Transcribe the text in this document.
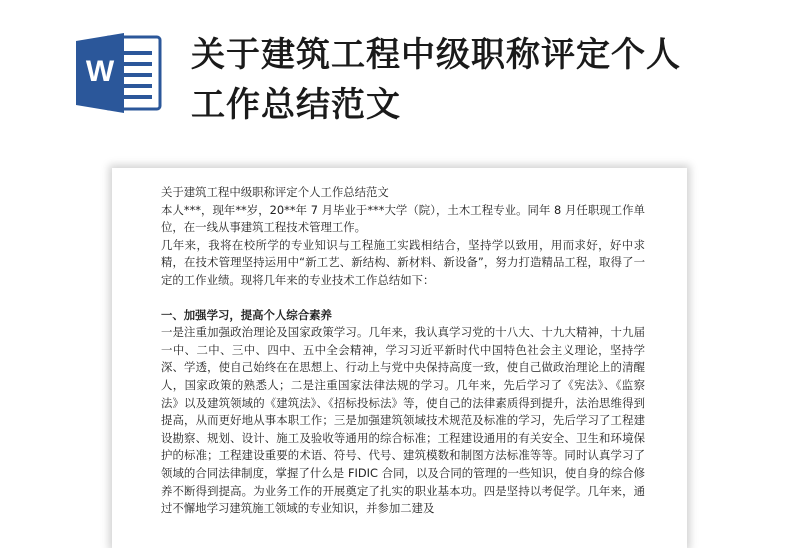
W 关于建筑工程中级职称评定个人
工作总结范文

关于建筑工程中级职称评定个人工作总结范文

本人***，现年**岁，20**年 7 月毕业于***大学（院），土木工程专业。同年 8 月任职现工作单位，在一线从事建筑工程技术管理工作。

几年来，我将在校所学的专业知识与工程施工实践相结合，坚持学以致用，用而求好，好中求精，在技术管理坚持运用中“新工艺、新结构、新材料、新设备”，努力打造精品工程，取得了一定的工作业绩。现将几年来的专业技术工作总结如下：

一、加强学习，提高个人综合素养

一是注重加强政治理论及国家政策学习。几年来，我认真学习党的十八大、十九大精神，十九届一中、二中、三中、四中、五中全会精神，学习习近平新时代中国特色社会主义理论，坚持学深、学透，使自己始终在在思想上、行动上与党中央保持高度一致，使自己做政治理论上的清醒人，国家政策的熟悉人；二是注重国家法律法规的学习。几年来，先后学习了《宪法》、《监察法》以及建筑领域的《建筑法》、《招标投标法》等，使自己的法律素质得到提升，法治思维得到提高，从而更好地从事本职工作；三是加强建筑领域技术规范及标准的学习，先后学习了工程建设勘察、规划、设计、施工及验收等通用的综合标准；工程建设通用的有关安全、卫生和环境保护的标准；工程建设重要的术语、符号、代号、建筑模数和制图方法标准等等。同时认真学习了领域的合同法律制度，掌握了什么是 FIDIC 合同，以及合同的管理的一些知识，使自身的综合修养不断得到提高。为业务工作的开展奠定了扎实的职业基本功。四是坚持以考促学。几年来，通过不懈地学习建筑施工领域的专业知识，并参加二建及
